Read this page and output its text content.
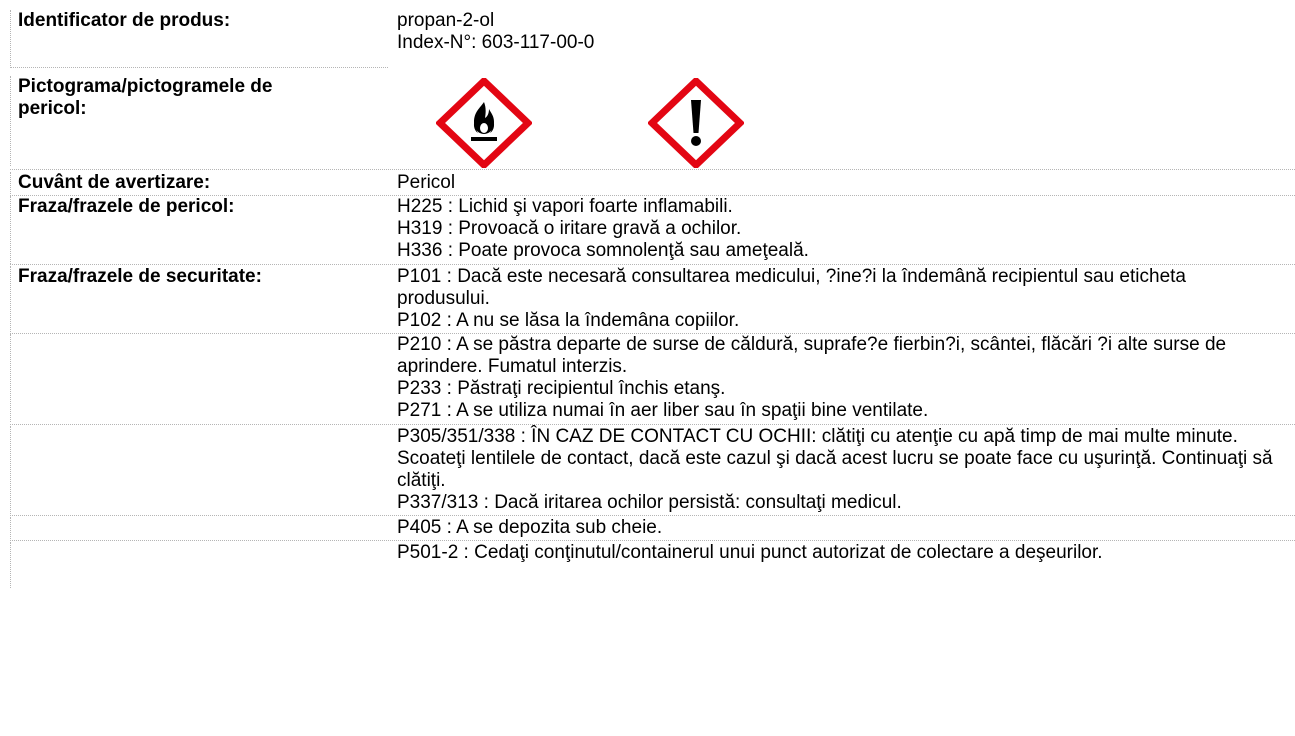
Identificator de produs:	propan-2-ol
Index-N°: 603-117-00-0
Pictograma/pictogramele de pericol:
Cuvânt de avertizare:	Pericol
Fraza/frazele de pericol:	H225 : Lichid şi vapori foarte inflamabili.
H319 : Provoacă o iritare gravă a ochilor.
H336 : Poate provoca somnolenţă sau ameţeală.
Fraza/frazele de securitate:	P101 : Dacă este necesară consultarea medicului, ?ine?i la îndemână recipientul sau eticheta produsului.
P102 : A nu se lăsa la îndemâna copiilor.
P210 : A se păstra departe de surse de căldură, suprafe?e fierbin?i, scântei, flăcări ?i alte surse de aprindere. Fumatul interzis.
P233 : Păstraţi recipientul închis etanş.
P271 : A se utiliza numai în aer liber sau în spaţii bine ventilate.
P305/351/338 : ÎN CAZ DE CONTACT CU OCHII: clătiţi cu atenţie cu apă timp de mai multe minute. Scoateţi lentilele de contact, dacă este cazul şi dacă acest lucru se poate face cu uşurinţă. Continuaţi să clătiţi.
P337/313 : Dacă iritarea ochilor persistă: consultaţi medicul.
P405 : A se depozita sub cheie.
P501-2 : Cedaţi conţinutul/containerul unui punct autorizat de colectare a deşeurilor.
